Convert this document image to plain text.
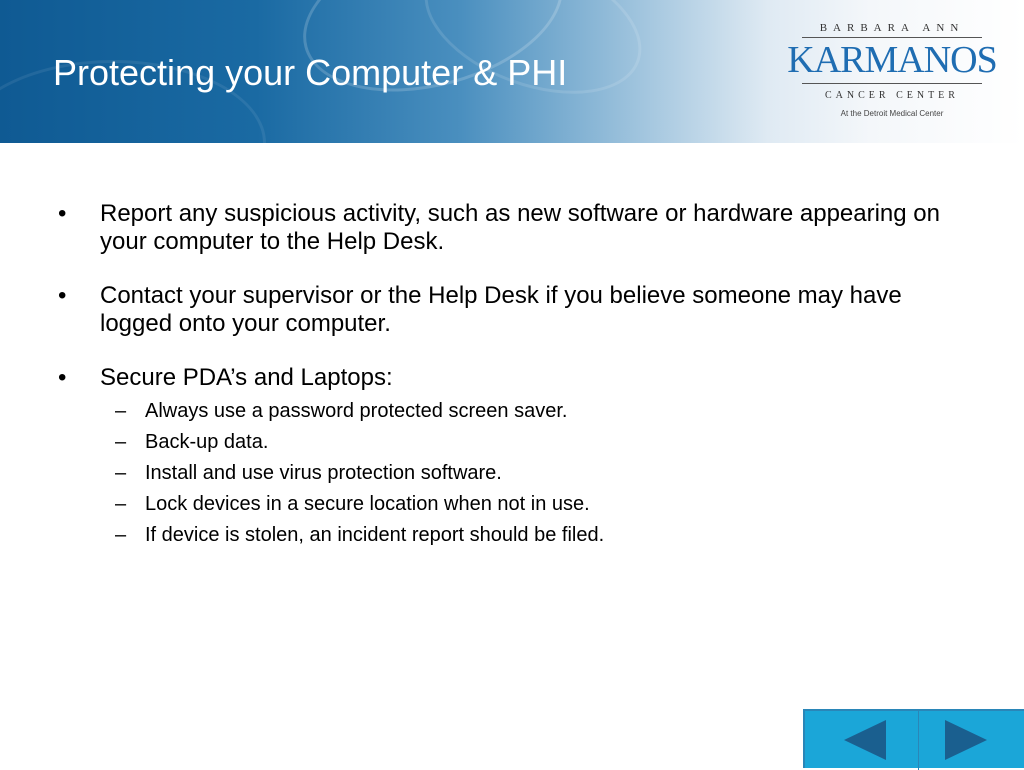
Protecting your Computer & PHI
BARBARA ANN
KARMANOS
CANCER CENTER
At the Detroit Medical Center
• Report any suspicious activity, such as new software or hardware appearing on your computer to the Help Desk.
• Contact your supervisor or the Help Desk if you believe someone may have logged onto your computer.
• Secure PDA’s and Laptops:
– Always use a password protected screen saver.
– Back-up data.
– Install and use virus protection software.
– Lock devices in a secure location when not in use.
– If device is stolen, an incident report should be filed.
